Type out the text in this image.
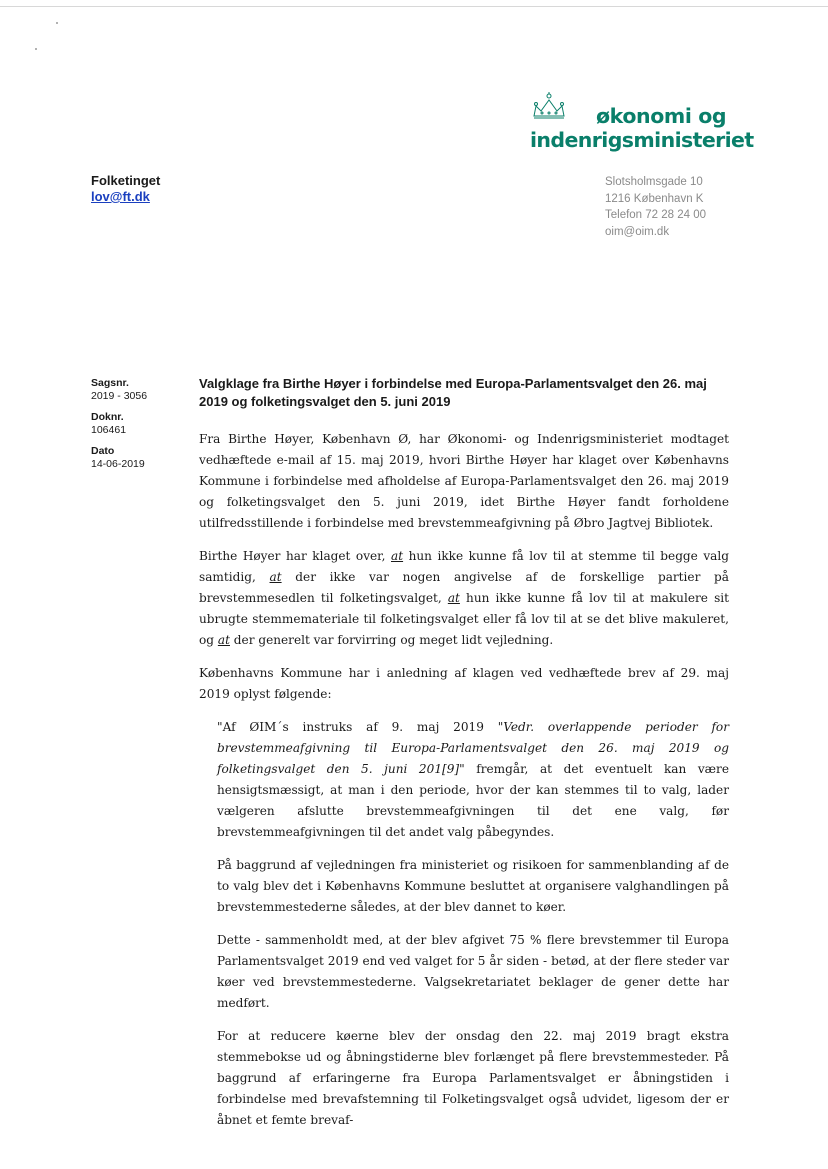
økonomi og
indenrigsministeriet
Folketinget
lov@ft.dk
Slotsholmsgade 10
1216 København K
Telefon 72 28 24 00
oim@oim.dk
Sagsnr.
2019 - 3056
Doknr.
106461
Dato
14-06-2019

Valgklage fra Birthe Høyer i forbindelse med Europa-Parlamentsvalget den 26. maj 2019 og folketingsvalget den 5. juni 2019

Fra Birthe Høyer, København Ø, har Økonomi- og Indenrigsministeriet modtaget vedhæftede e-mail af 15. maj 2019, hvori Birthe Høyer har klaget over Københavns Kommune i forbindelse med afholdelse af Europa-Parlamentsvalget den 26. maj 2019 og folketingsvalget den 5. juni 2019, idet Birthe Høyer fandt forholdene utilfredsstillende i forbindelse med brevstemmeafgivning på Øbro Jagtvej Bibliotek.

Birthe Høyer har klaget over, at hun ikke kunne få lov til at stemme til begge valg samtidig, at der ikke var nogen angivelse af de forskellige partier på brevstemmesedlen til folketingsvalget, at hun ikke kunne få lov til at makulere sit ubrugte stemmemateriale til folketingsvalget eller få lov til at se det blive makuleret, og at der generelt var forvirring og meget lidt vejledning.

Københavns Kommune har i anledning af klagen ved vedhæftede brev af 29. maj 2019 oplyst følgende:

"Af ØIM´s instruks af 9. maj 2019 "Vedr. overlappende perioder for brevstemmeafgivning til Europa-Parlamentsvalget den 26. maj 2019 og folketingsvalget den 5. juni 201[9]" fremgår, at det eventuelt kan være hensigtsmæssigt, at man i den periode, hvor der kan stemmes til to valg, lader vælgeren afslutte brevstemmeafgivningen til det ene valg, før brevstemmeafgivningen til det andet valg påbegyndes.

På baggrund af vejledningen fra ministeriet og risikoen for sammenblanding af de to valg blev det i Københavns Kommune besluttet at organisere valghandlingen på brevstemmestederne således, at der blev dannet to køer.

Dette - sammenholdt med, at der blev afgivet 75 % flere brevstemmer til Europa Parlamentsvalget 2019 end ved valget for 5 år siden - betød, at der flere steder var køer ved brevstemmestederne. Valgsekretariatet beklager de gener dette har medført.

For at reducere køerne blev der onsdag den 22. maj 2019 bragt ekstra stemmebokse ud og åbningstiderne blev forlænget på flere brevstemmesteder. På baggrund af erfaringerne fra Europa Parlamentsvalget er åbningstiden i forbindelse med brevafstemning til Folketingsvalget også udvidet, ligesom der er åbnet et femte brevaf-
